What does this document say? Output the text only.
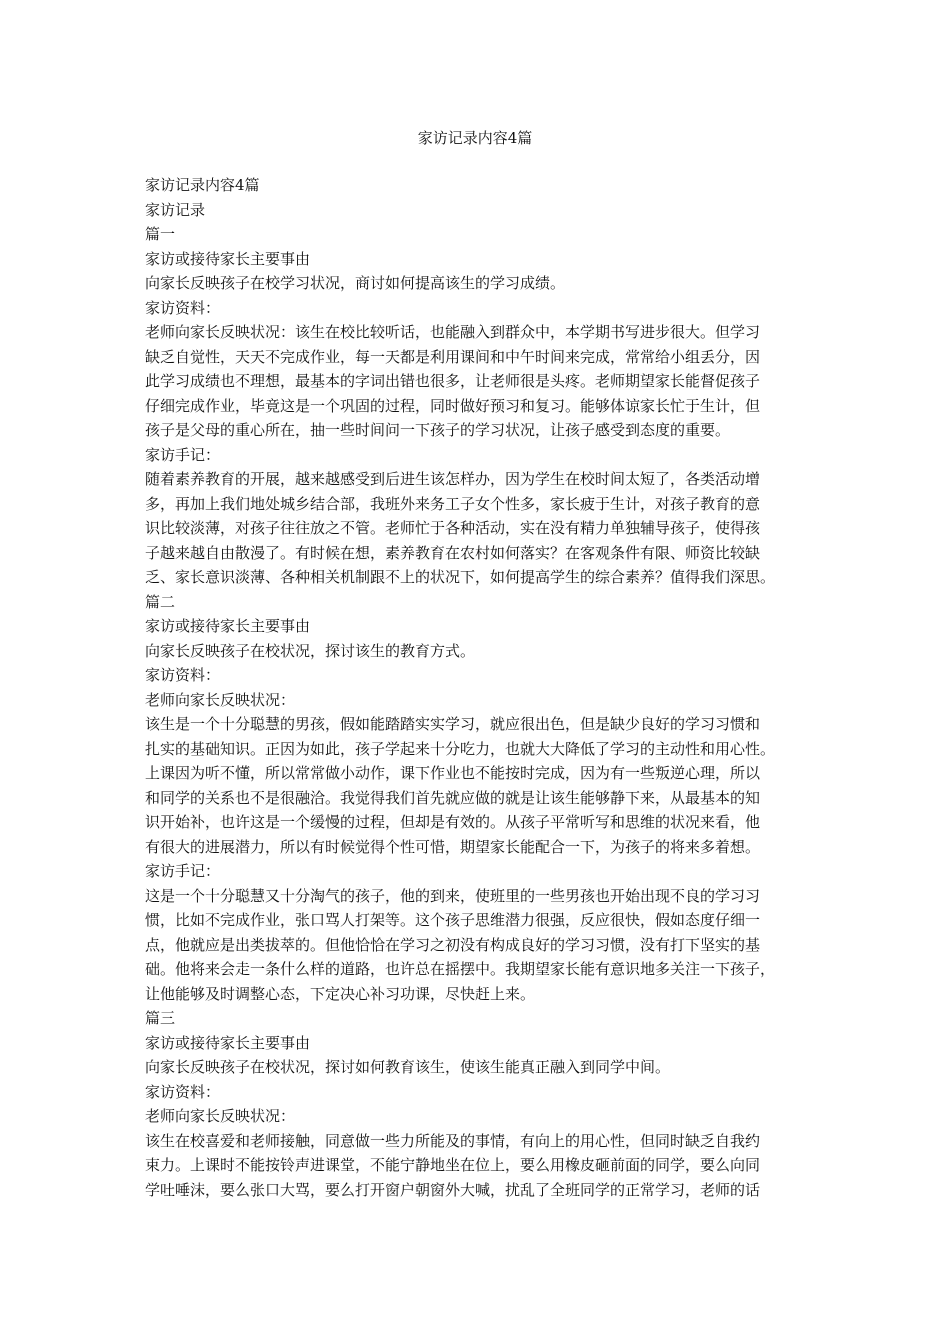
家访记录内容4篇
家访记录内容4篇
家访记录
篇一
家访或接待家长主要事由
向家长反映孩子在校学习状况，商讨如何提高该生的学习成绩。
家访资料：
老师向家长反映状况：该生在校比较听话，也能融入到群众中，本学期书写进步很大。但学习
缺乏自觉性，天天不完成作业，每一天都是利用课间和中午时间来完成，常常给小组丢分，因
此学习成绩也不理想，最基本的字词出错也很多，让老师很是头疼。老师期望家长能督促孩子
仔细完成作业，毕竟这是一个巩固的过程，同时做好预习和复习。能够体谅家长忙于生计，但
孩子是父母的重心所在，抽一些时间问一下孩子的学习状况，让孩子感受到态度的重要。
家访手记：
随着素养教育的开展，越来越感受到后进生该怎样办，因为学生在校时间太短了，各类活动增
多，再加上我们地处城乡结合部，我班外来务工子女个性多，家长疲于生计，对孩子教育的意
识比较淡薄，对孩子往往放之不管。老师忙于各种活动，实在没有精力单独辅导孩子，使得孩
子越来越自由散漫了。有时候在想，素养教育在农村如何落实？在客观条件有限、师资比较缺
乏、家长意识淡薄、各种相关机制跟不上的状况下，如何提高学生的综合素养？值得我们深思。
篇二
家访或接待家长主要事由
向家长反映孩子在校状况，探讨该生的教育方式。
家访资料：
老师向家长反映状况：
该生是一个十分聪慧的男孩，假如能踏踏实实学习，就应很出色，但是缺少良好的学习习惯和
扎实的基础知识。正因为如此，孩子学起来十分吃力，也就大大降低了学习的主动性和用心性。
上课因为听不懂，所以常常做小动作，课下作业也不能按时完成，因为有一些叛逆心理，所以
和同学的关系也不是很融洽。我觉得我们首先就应做的就是让该生能够静下来，从最基本的知
识开始补，也许这是一个缓慢的过程，但却是有效的。从孩子平常听写和思维的状况来看，他
有很大的进展潜力，所以有时候觉得个性可惜，期望家长能配合一下，为孩子的将来多着想。
家访手记：
这是一个十分聪慧又十分淘气的孩子，他的到来，使班里的一些男孩也开始出现不良的学习习
惯，比如不完成作业，张口骂人打架等。这个孩子思维潜力很强，反应很快，假如态度仔细一
点，他就应是出类拔萃的。但他恰恰在学习之初没有构成良好的学习习惯，没有打下坚实的基
础。他将来会走一条什么样的道路，也许总在摇摆中。我期望家长能有意识地多关注一下孩子，
让他能够及时调整心态，下定决心补习功课，尽快赶上来。
篇三
家访或接待家长主要事由
向家长反映孩子在校状况，探讨如何教育该生，使该生能真正融入到同学中间。
家访资料：
老师向家长反映状况：
该生在校喜爱和老师接触，同意做一些力所能及的事情，有向上的用心性，但同时缺乏自我约
束力。上课时不能按铃声进课堂，不能宁静地坐在位上，要么用橡皮砸前面的同学，要么向同
学吐唾沫，要么张口大骂，要么打开窗户朝窗外大喊，扰乱了全班同学的正常学习，老师的话
